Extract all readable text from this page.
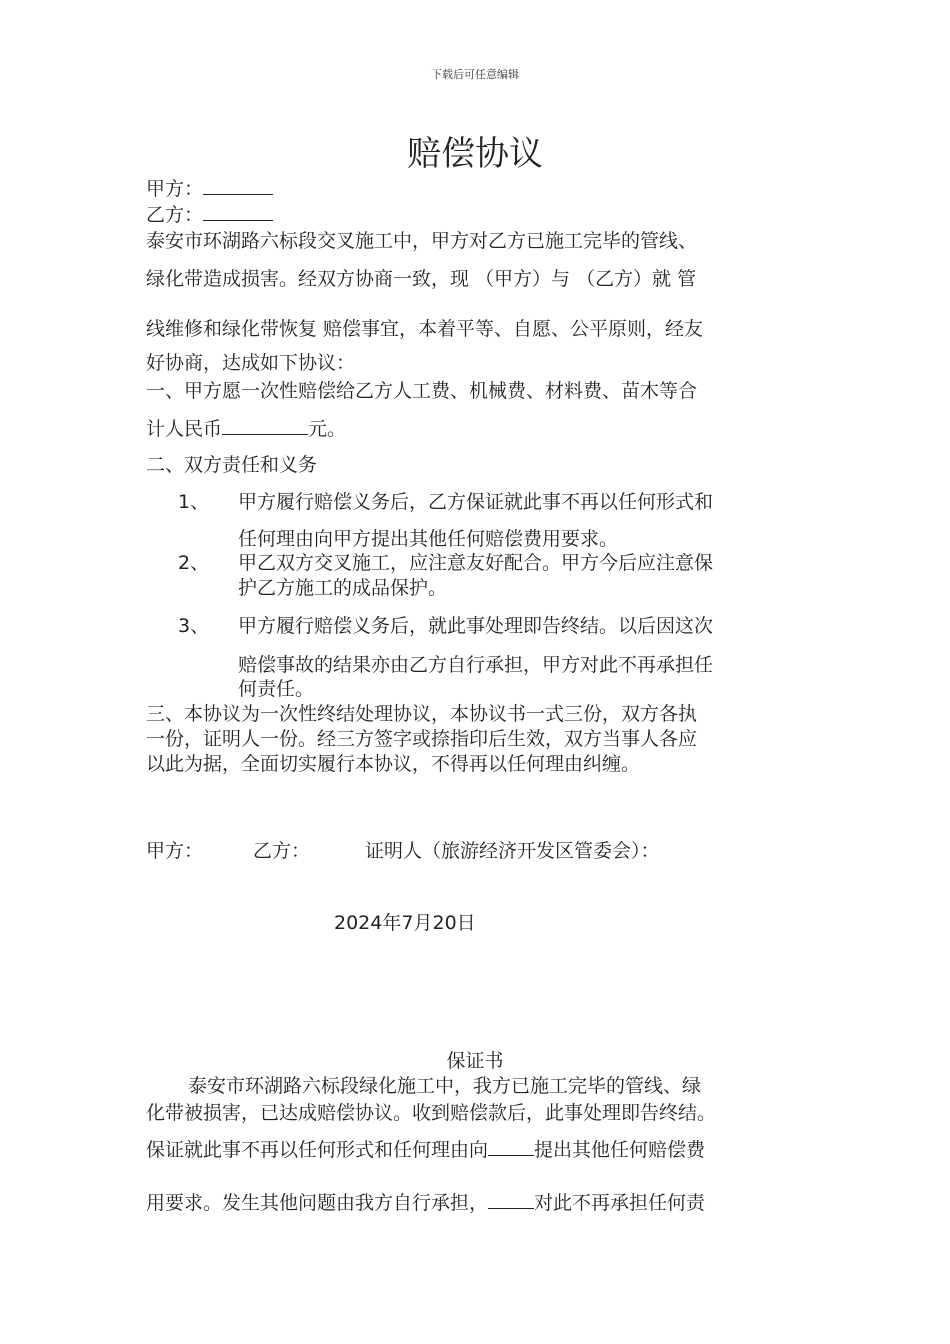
下载后可任意编辑
赔偿协议
甲方：
乙方：
泰安市环湖路六标段交叉施工中，甲方对乙方已施工完毕的管线、
绿化带造成损害。经双方协商一致，现 （甲方）与 （乙方）就 管
线维修和绿化带恢复 赔偿事宜，本着平等、自愿、公平原则，经友
好协商，达成如下协议：
一、甲方愿一次性赔偿给乙方人工费、机械费、材料费、苗木等合
计人民币	元。
二、双方责任和义务
1、 甲方履行赔偿义务后，乙方保证就此事不再以任何形式和
任何理由向甲方提出其他任何赔偿费用要求。
2、 甲乙双方交叉施工，应注意友好配合。甲方今后应注意保
护乙方施工的成品保护。
3、 甲方履行赔偿义务后，就此事处理即告终结。以后因这次
赔偿事故的结果亦由乙方自行承担，甲方对此不再承担任
何责任。
三、本协议为一次性终结处理协议，本协议书一式三份，双方各执
一份，证明人一份。经三方签字或捺指印后生效，双方当事人各应
以此为据，全面切实履行本协议，不得再以任何理由纠缠。
甲方：	乙方：	证明人（旅游经济开发区管委会）：
2024年7月20日
保证书
泰安市环湖路六标段绿化施工中，我方已施工完毕的管线、绿
化带被损害，已达成赔偿协议。收到赔偿款后，此事处理即告终结。
保证就此事不再以任何形式和任何理由向 提出其他任何赔偿费
用要求。发生其他问题由我方自行承担， 对此不再承担任何责
